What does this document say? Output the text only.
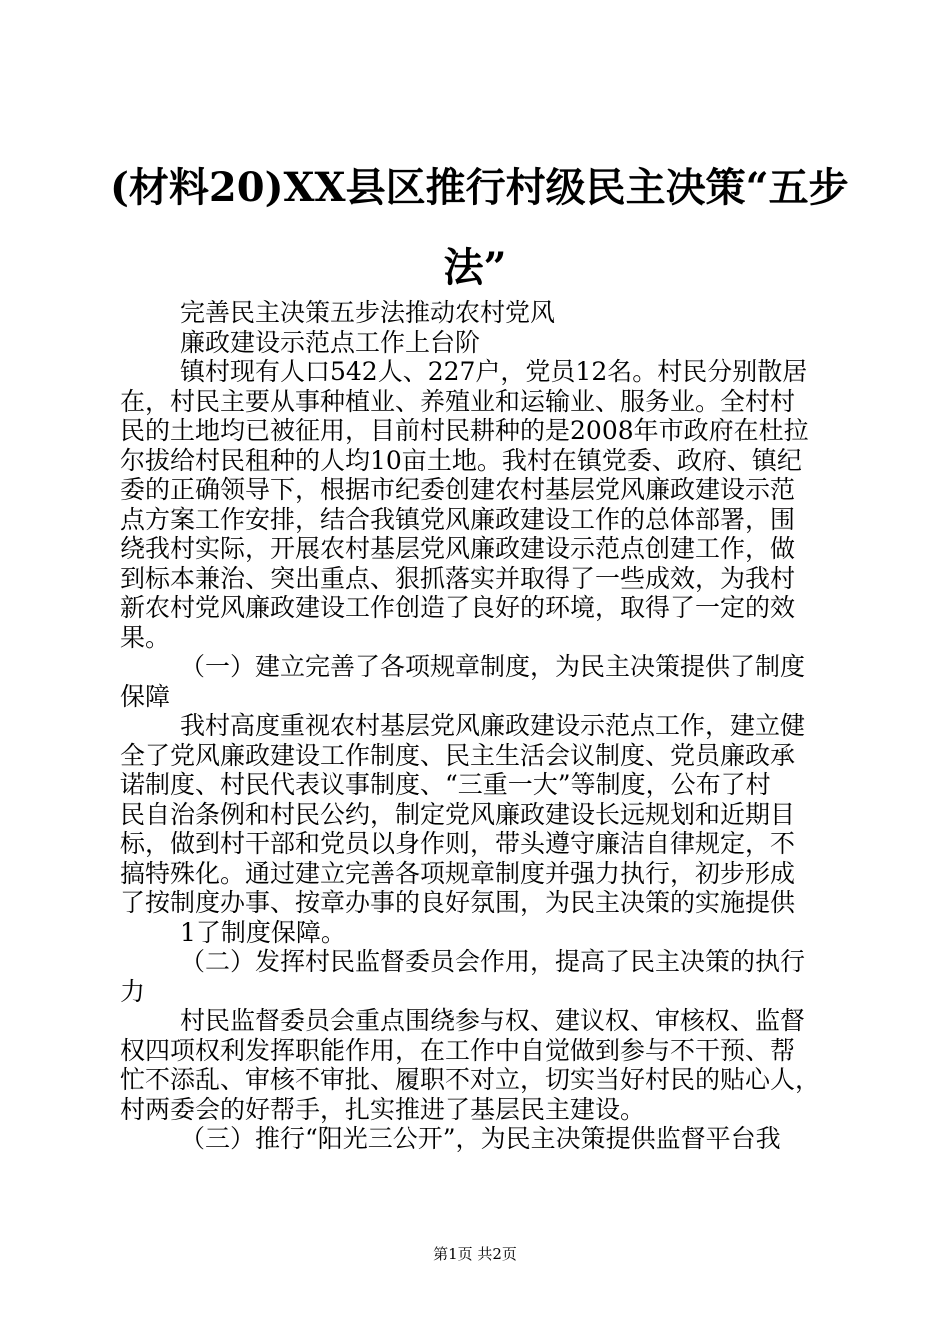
(材料20)XX县区推行村级民主决策“五步
法”

完善民主决策五步法推动农村党风

廉政建设示范点工作上台阶

镇村现有人口542人、227户，党员12名。村民分别散居

在，村民主要从事种植业、养殖业和运输业、服务业。全村村

民的土地均已被征用，目前村民耕种的是2008年市政府在杜拉

尔拔给村民租种的人均10亩土地。我村在镇党委、政府、镇纪

委的正确领导下，根据市纪委创建农村基层党风廉政建设示范

点方案工作安排，结合我镇党风廉政建设工作的总体部署，围

绕我村实际，开展农村基层党风廉政建设示范点创建工作，做

到标本兼治、突出重点、狠抓落实并取得了一些成效，为我村

新农村党风廉政建设工作创造了良好的环境，取得了一定的效

果。

（一）建立完善了各项规章制度，为民主决策提供了制度

保障

我村高度重视农村基层党风廉政建设示范点工作，建立健

全了党风廉政建设工作制度、民主生活会议制度、党员廉政承

诺制度、村民代表议事制度、“三重一大”等制度，公布了村

民自治条例和村民公约，制定党风廉政建设长远规划和近期目

标，做到村干部和党员以身作则，带头遵守廉洁自律规定，不

搞特殊化。通过建立完善各项规章制度并强力执行，初步形成

了按制度办事、按章办事的良好氛围，为民主决策的实施提供

1了制度保障。

（二）发挥村民监督委员会作用，提高了民主决策的执行

力

村民监督委员会重点围绕参与权、建议权、审核权、监督

权四项权利发挥职能作用，在工作中自觉做到参与不干预、帮

忙不添乱、审核不审批、履职不对立，切实当好村民的贴心人，

村两委会的好帮手，扎实推进了基层民主建设。

（三）推行“阳光三公开”，为民主决策提供监督平台我

第1页 共2页
